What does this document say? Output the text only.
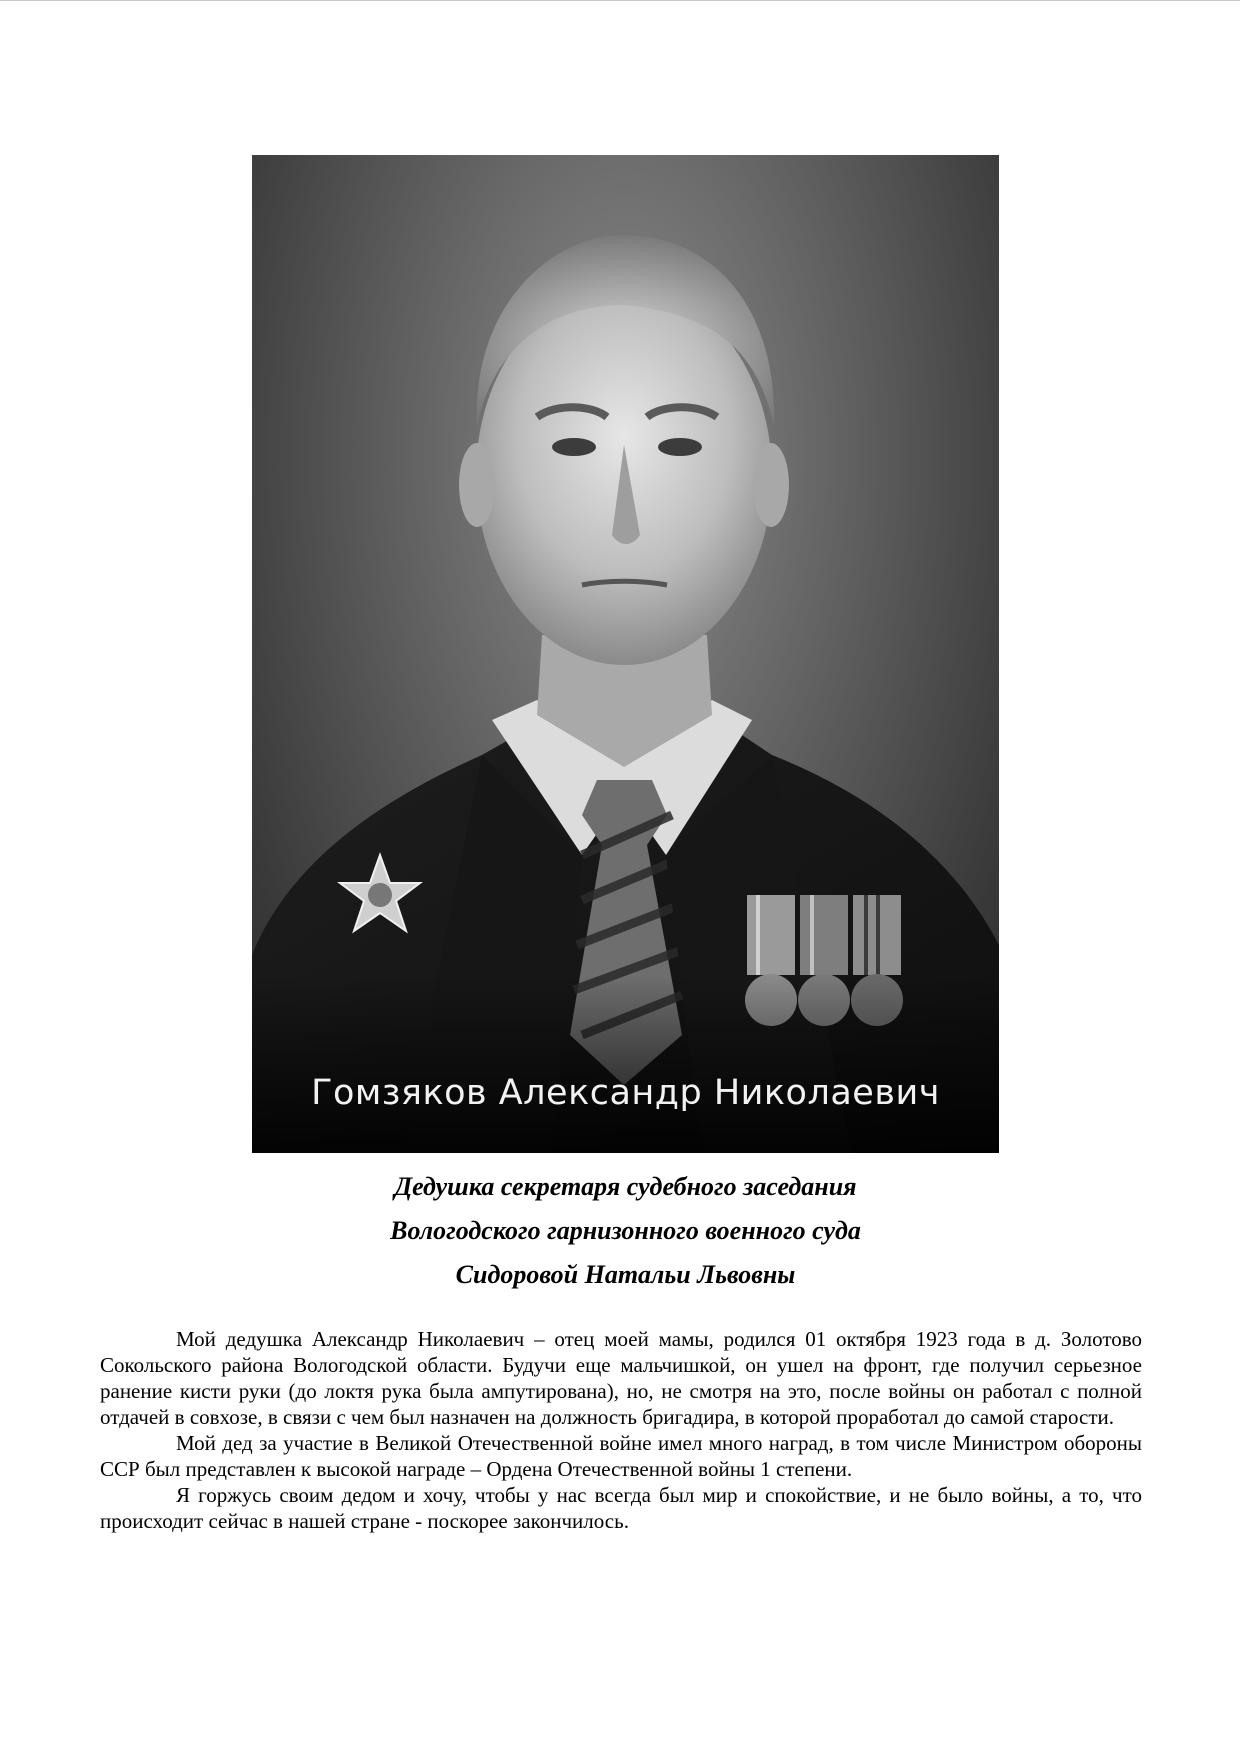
Гомзяков Александр Николаевич
Дедушка секретаря судебного заседания
Вологодского гарнизонного военного суда
Сидоровой Натальи Львовны

Мой дедушка Александр Николаевич – отец моей мамы, родился 01 октября 1923 года в д. Золотово Сокольского района Вологодской области. Будучи еще мальчишкой, он ушел на фронт, где получил серьезное ранение кисти руки (до локтя рука была ампутирована), но, не смотря на это, после войны он работал с полной отдачей в совхозе, в связи с чем был назначен на должность бригадира, в которой проработал до самой старости.

Мой дед за участие в Великой Отечественной войне имел много наград, в том числе Министром обороны ССР был представлен к высокой награде – Ордена Отечественной войны 1 степени.

Я горжусь своим дедом и хочу, чтобы у нас всегда был мир и спокойствие, и не было войны, а то, что происходит сейчас в нашей стране - поскорее закончилось.
